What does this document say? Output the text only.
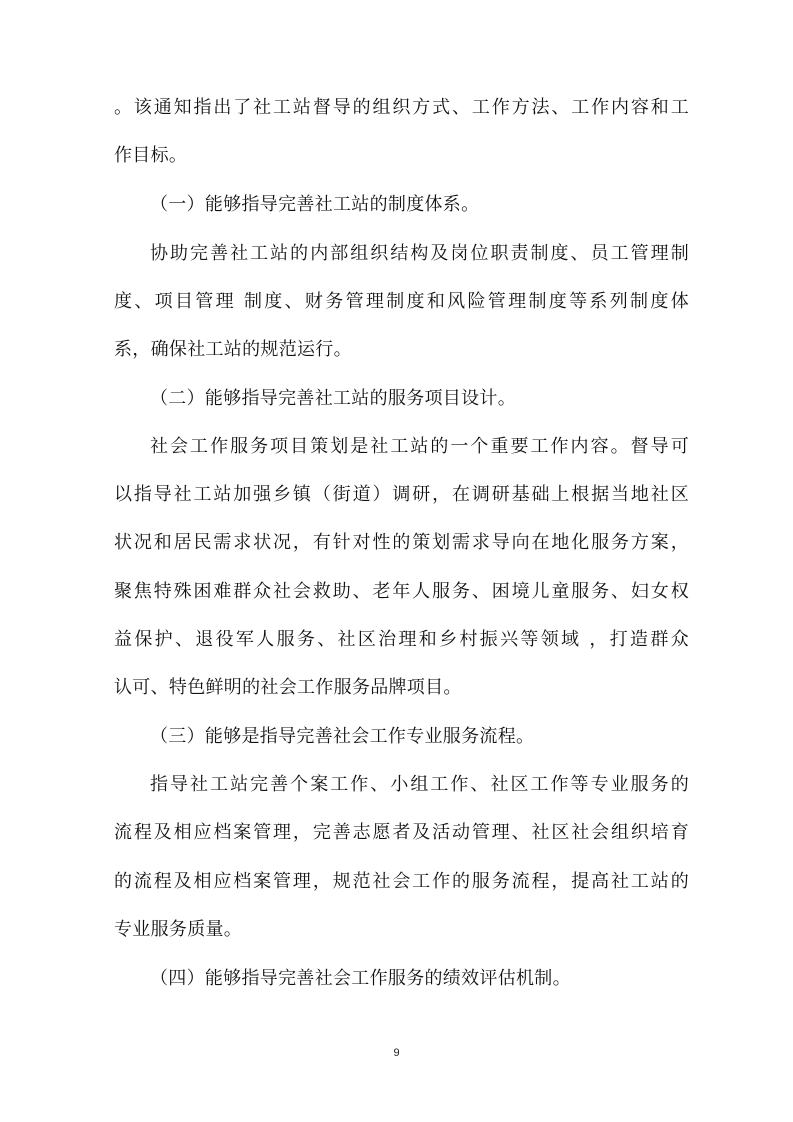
。该通知指出了社工站督导的组织方式、工作方法、工作内容和工
作目标。
（一）能够指导完善社工站的制度体系。
协助完善社工站的内部组织结构及岗位职责制度、员工管理制
度、项目管理 制度、财务管理制度和风险管理制度等系列制度体
系，确保社工站的规范运行。
（二）能够指导完善社工站的服务项目设计。
社会工作服务项目策划是社工站的一个重要工作内容。督导可
以指导社工站加强乡镇（街道）调研，在调研基础上根据当地社区
状况和居民需求状况，有针对性的策划需求导向在地化服务方案，
聚焦特殊困难群众社会救助、老年人服务、困境儿童服务、妇女权
益保护、退役军人服务、社区治理和乡村振兴等领域 ，打造群众
认可、特色鲜明的社会工作服务品牌项目。
（三）能够是指导完善社会工作专业服务流程。
指导社工站完善个案工作、小组工作、社区工作等专业服务的
流程及相应档案管理，完善志愿者及活动管理、社区社会组织培育
的流程及相应档案管理，规范社会工作的服务流程，提高社工站的
专业服务质量。
（四）能够指导完善社会工作服务的绩效评估机制。
9
